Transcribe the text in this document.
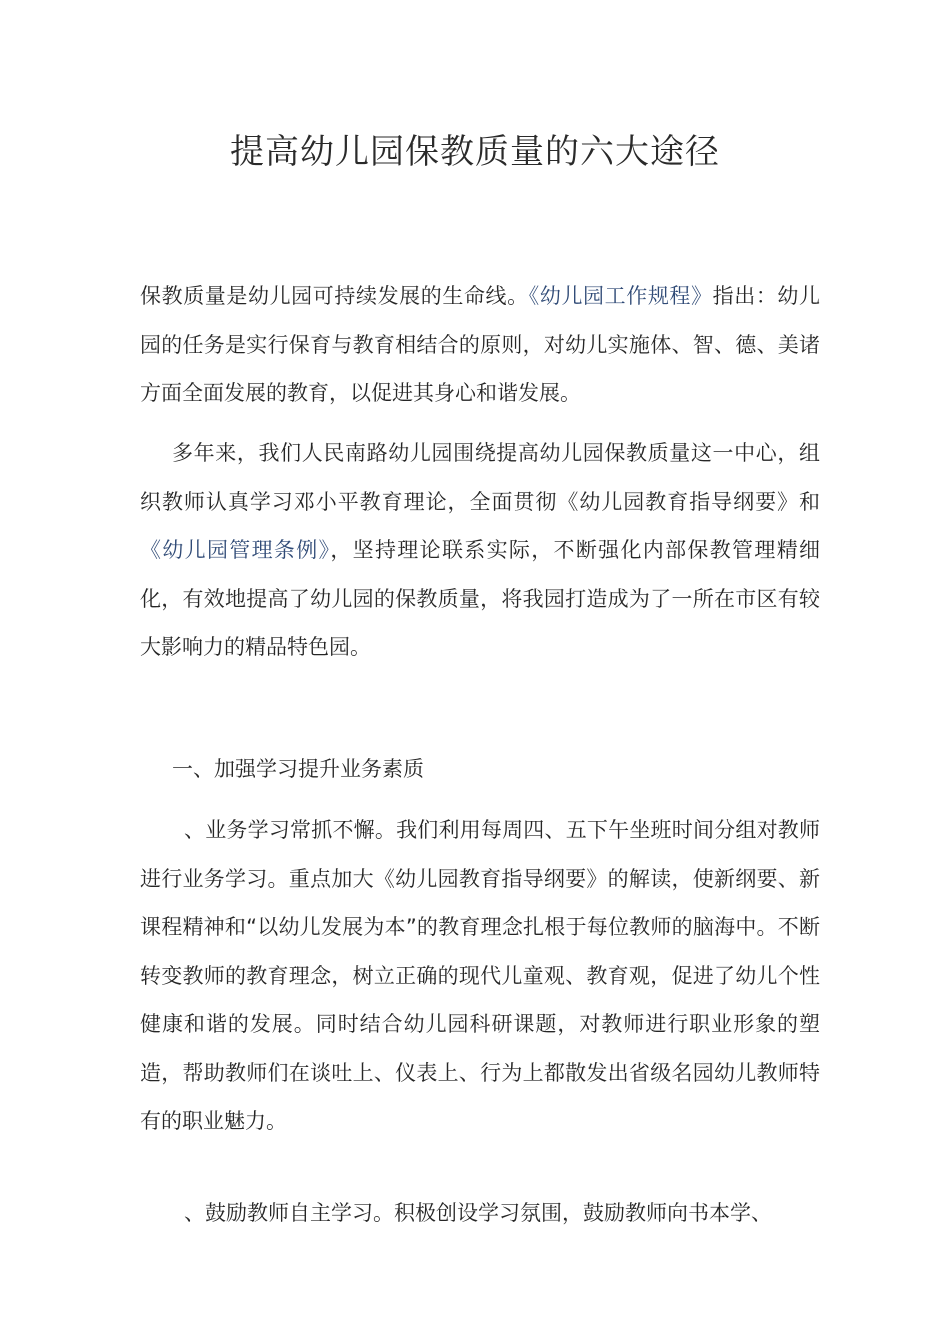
提高幼儿园保教质量的六大途径

保教质量是幼儿园可持续发展的生命线。《幼儿园工作规程》指出：幼儿园的任务是实行保育与教育相结合的原则，对幼儿实施体、智、德、美诸方面全面发展的教育，以促进其身心和谐发展。

多年来，我们人民南路幼儿园围绕提高幼儿园保教质量这一中心，组织教师认真学习邓小平教育理论，全面贯彻《幼儿园教育指导纲要》和《幼儿园管理条例》，坚持理论联系实际，不断强化内部保教管理精细化，有效地提高了幼儿园的保教质量，将我园打造成为了一所在市区有较大影响力的精品特色园。

一、加强学习提升业务素质

、业务学习常抓不懈。我们利用每周四、五下午坐班时间分组对教师进行业务学习。重点加大《幼儿园教育指导纲要》的解读，使新纲要、新课程精神和“以幼儿发展为本”的教育理念扎根于每位教师的脑海中。不断转变教师的教育理念，树立正确的现代儿童观、教育观，促进了幼儿个性健康和谐的发展。同时结合幼儿园科研课题，对教师进行职业形象的塑造，帮助教师们在谈吐上、仪表上、行为上都散发出省级名园幼儿教师特有的职业魅力。

、鼓励教师自主学习。积极创设学习氛围，鼓励教师向书本学、
